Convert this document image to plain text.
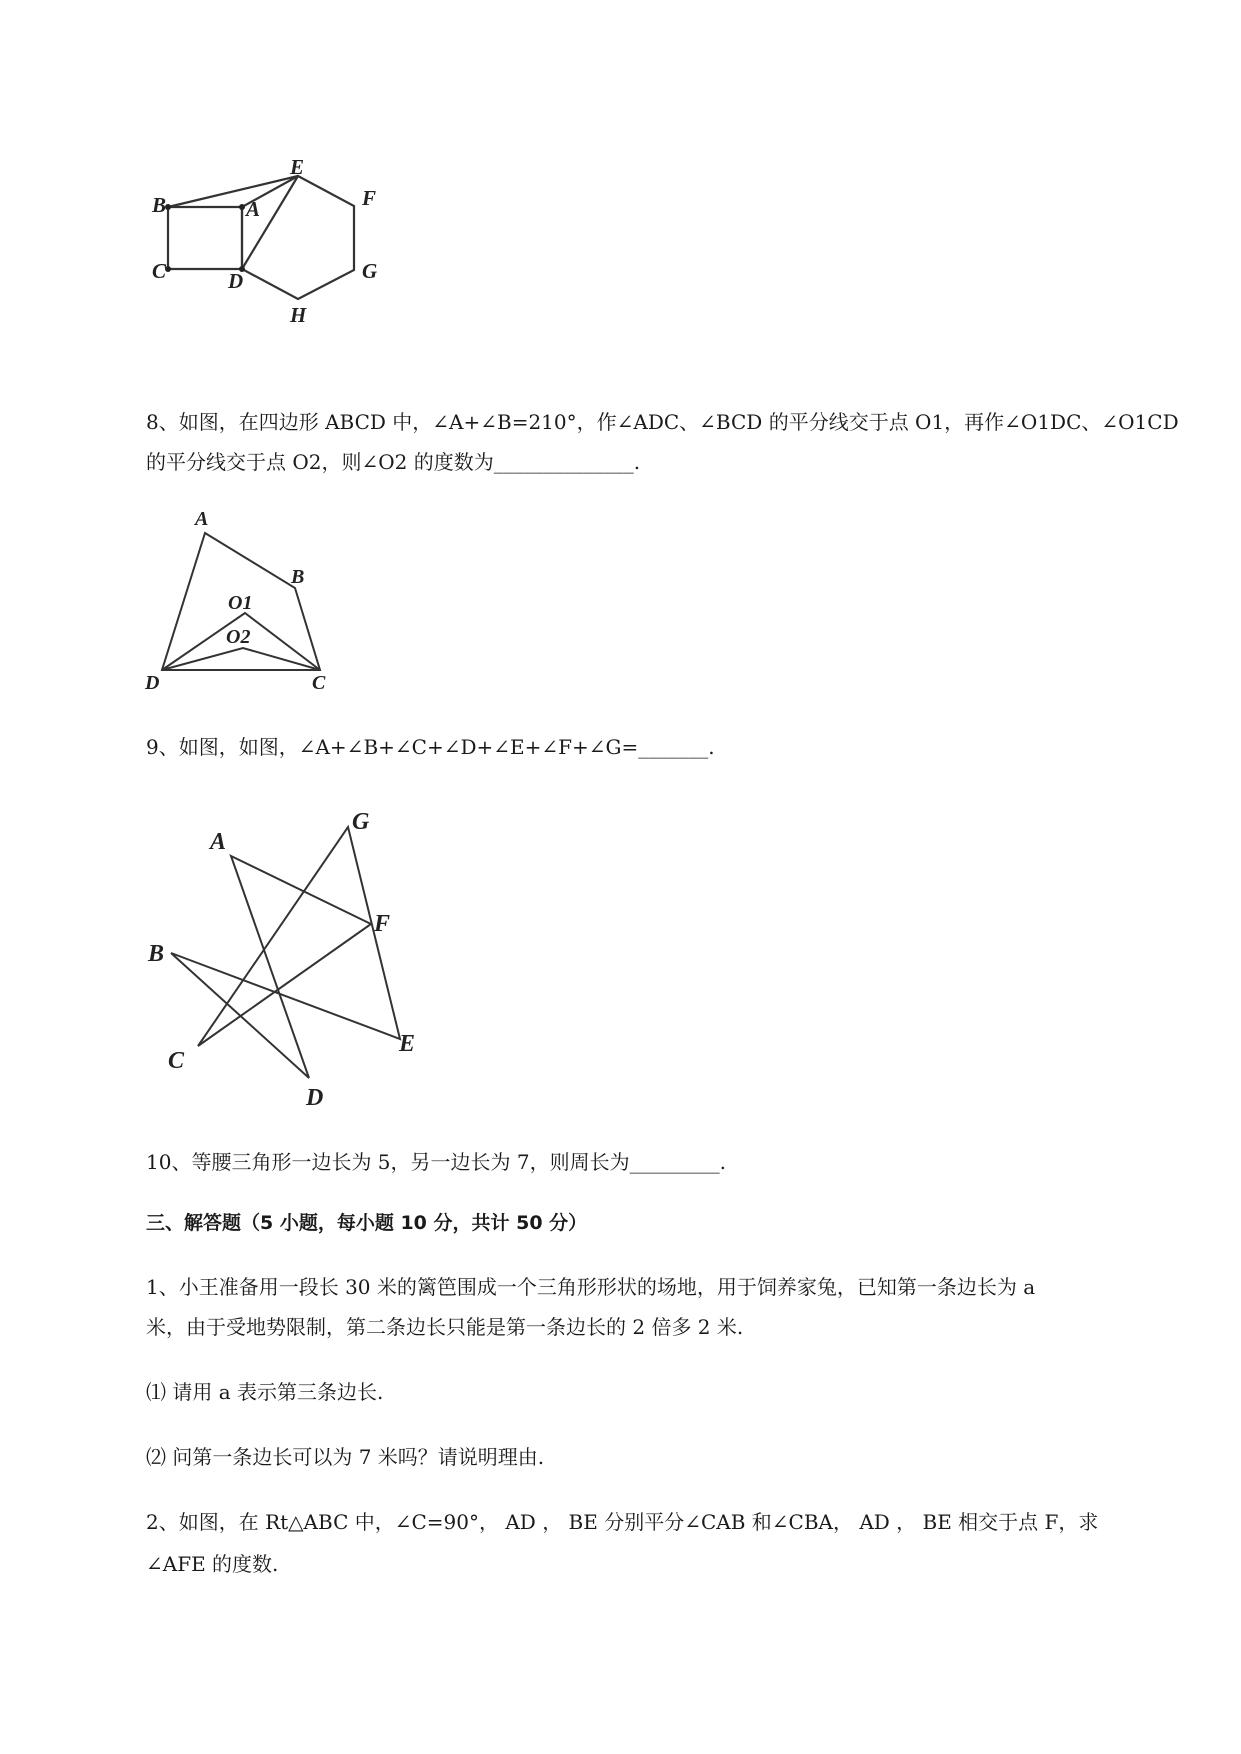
E
B	A	F
C	D	G
H
8、如图，在四边形 ABCD 中，∠A+∠B=210°，作∠ADC、∠BCD 的平分线交于点 O1，再作∠O1DC、∠O1CD
的平分线交于点 O2，则∠O2 的度数为______________.
A
B
O1
O2
D	C
9、如图，如图，∠A+∠B+∠C+∠D+∠E+∠F+∠G=_______.
A
G
F
B
E
C
D
10、等腰三角形一边长为 5，另一边长为 7，则周长为_________.
三、解答题（5 小题，每小题 10 分，共计 50 分）
1、小王准备用一段长 30 米的篱笆围成一个三角形形状的场地，用于饲养家兔，已知第一条边长为 a
米，由于受地势限制，第二条边长只能是第一条边长的 2 倍多 2 米.
⑴ 请用 a 表示第三条边长.
⑵ 问第一条边长可以为 7 米吗？请说明理由.
2、如图，在 Rt△ABC 中，∠C=90°， AD ， BE 分别平分∠CAB 和∠CBA， AD ， BE 相交于点 F，求
∠AFE 的度数.
